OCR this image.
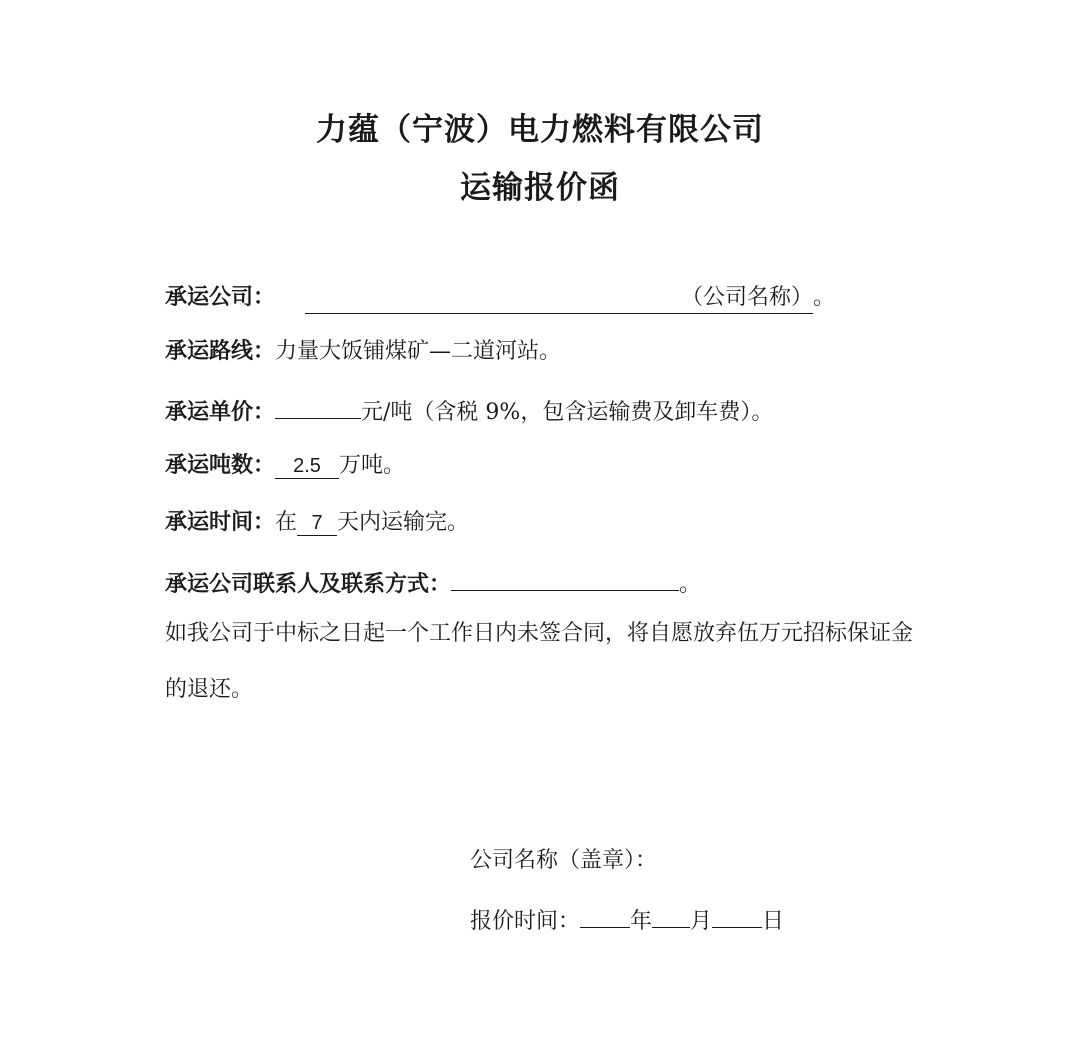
力蕴（宁波）电力燃料有限公司
运输报价函
承运公司：	（公司名称）。
承运路线：力量大饭铺煤矿—二道河站。
承运单价：	元/吨（含税 9%，包含运输费及卸车费）。
承运吨数： 2.5 万吨。
承运时间：在 7 天内运输完。
承运公司联系人及联系方式：	。

如我公司于中标之日起一个工作日内未签合同，将自愿放弃伍万元招标保证金的退还。

公司名称（盖章）：
报价时间： 年 月 日
